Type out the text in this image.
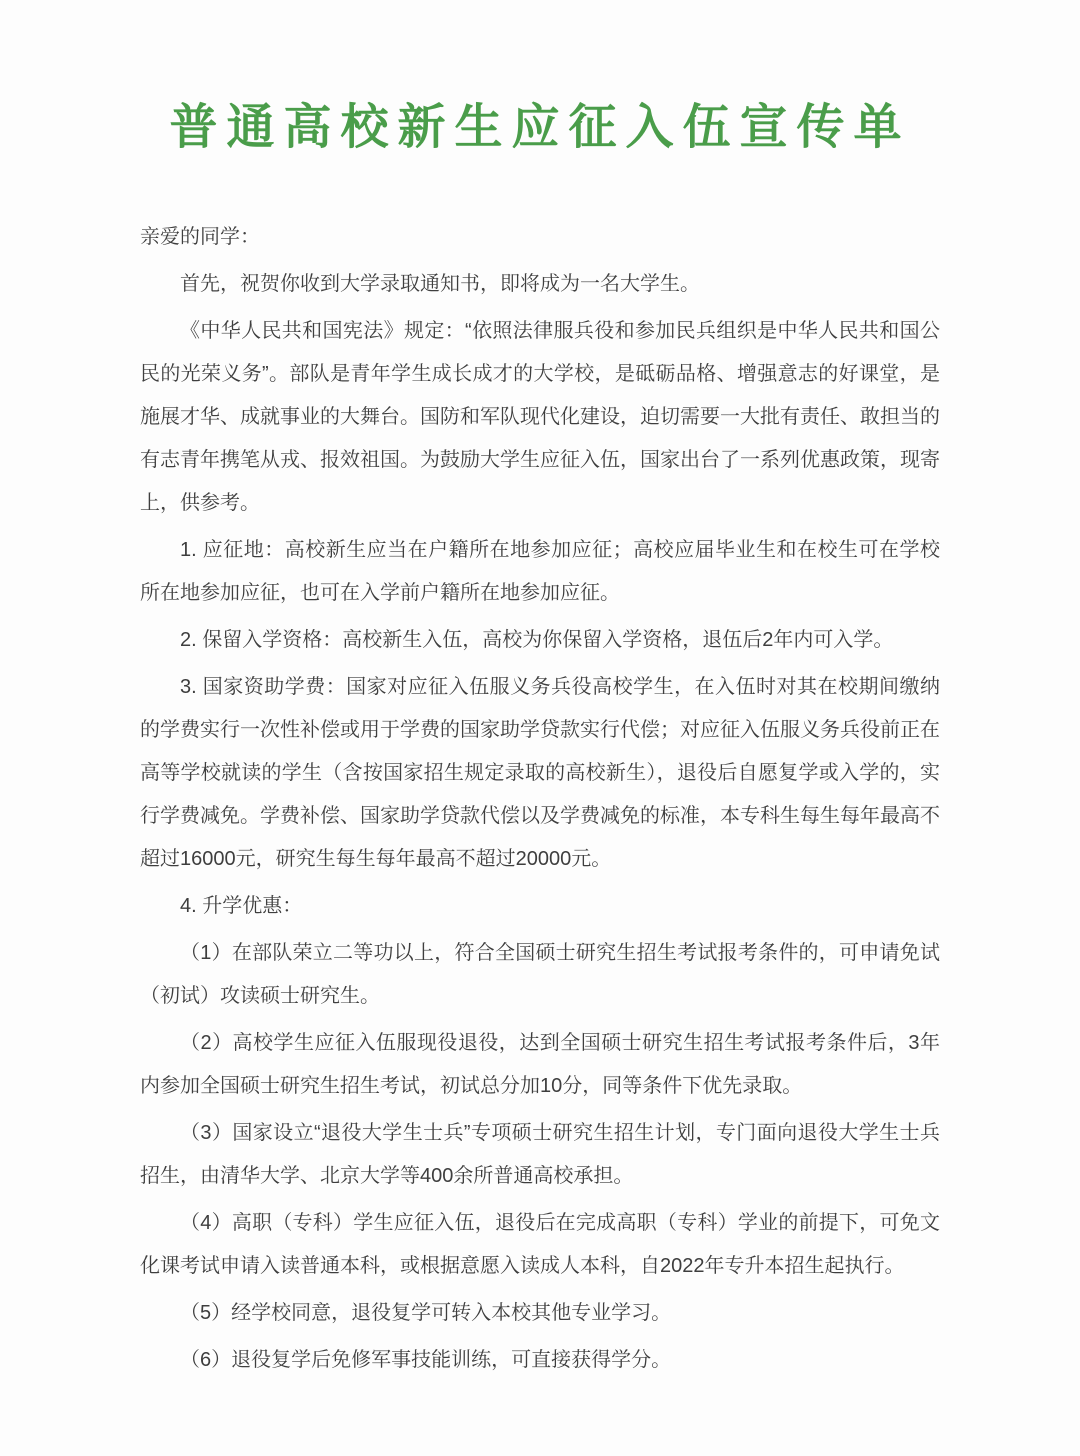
普通高校新生应征入伍宣传单

亲爱的同学：

首先，祝贺你收到大学录取通知书，即将成为一名大学生。

《中华人民共和国宪法》规定：“依照法律服兵役和参加民兵组织是中华人民共和国公民的光荣义务”。部队是青年学生成长成才的大学校，是砥砺品格、增强意志的好课堂，是施展才华、成就事业的大舞台。国防和军队现代化建设，迫切需要一大批有责任、敢担当的有志青年携笔从戎、报效祖国。为鼓励大学生应征入伍，国家出台了一系列优惠政策，现寄上，供参考。

1. 应征地：高校新生应当在户籍所在地参加应征；高校应届毕业生和在校生可在学校所在地参加应征，也可在入学前户籍所在地参加应征。

2. 保留入学资格：高校新生入伍，高校为你保留入学资格，退伍后2年内可入学。

3. 国家资助学费：国家对应征入伍服义务兵役高校学生，在入伍时对其在校期间缴纳的学费实行一次性补偿或用于学费的国家助学贷款实行代偿；对应征入伍服义务兵役前正在高等学校就读的学生（含按国家招生规定录取的高校新生），退役后自愿复学或入学的，实行学费减免。学费补偿、国家助学贷款代偿以及学费减免的标准，本专科生每生每年最高不超过16000元，研究生每生每年最高不超过20000元。

4. 升学优惠：

（1）在部队荣立二等功以上，符合全国硕士研究生招生考试报考条件的，可申请免试（初试）攻读硕士研究生。

（2）高校学生应征入伍服现役退役，达到全国硕士研究生招生考试报考条件后，3年内参加全国硕士研究生招生考试，初试总分加10分，同等条件下优先录取。

（3）国家设立“退役大学生士兵”专项硕士研究生招生计划，专门面向退役大学生士兵招生，由清华大学、北京大学等400余所普通高校承担。

（4）高职（专科）学生应征入伍，退役后在完成高职（专科）学业的前提下，可免文化课考试申请入读普通本科，或根据意愿入读成人本科，自2022年专升本招生起执行。

（5）经学校同意，退役复学可转入本校其他专业学习。

（6）退役复学后免修军事技能训练，可直接获得学分。
